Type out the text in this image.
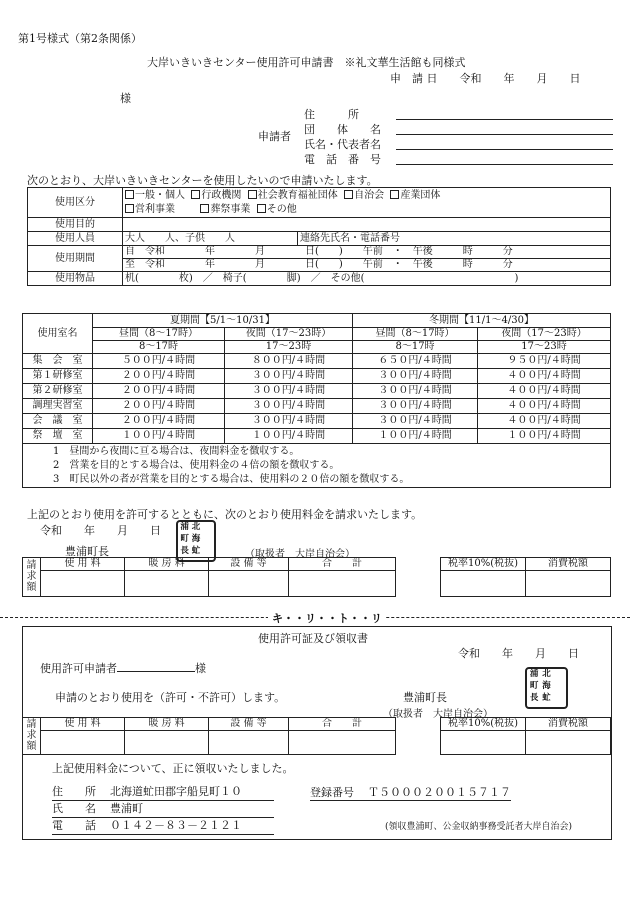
第1号様式（第2条関係）
大岸いきいきセンター使用許可申請書　※礼文華生活館も同様式
申　請 日　　令和　　年　　月　　日
様
申請者
住　　　所
団　　体　　名
氏名・代表者名
電　話　番　号
次のとおり、大岸いきいきセンターを使用したいので申請いたします。
使用区分	一般・個人 行政機関 社会教育福祉団体 自治会 産業団体
営利事業 葬祭事業 その他	

使用目的		
使用人員	大人　　人、子供　　人	連絡先氏名・電話番号
使用期間	自　令和　　　　年　　　　月　　　　日(　　)　　午前　・　午後　　　時　　　分	
	至　令和　　　　年　　　　月　　　　日(　　)　　午前　・　午後　　　時　　　分	
使用物品	机(　　　　枚)　／　椅子(　　　　脚)　／　その他(　　　　　　　　　　　　　　　)	
使用室名	夏期間【5/1～10/31】		冬期間【11/1～4/30】	
	昼間（8～17時）	夜間（17～23時）	昼間（8～17時）	夜間（17～23時）
	8～17時	17～23時	8～17時	17～23時
集　会　室	５００円/４時間	８００円/４時間	６５０円/４時間	９５０円/４時間
第１研修室	２００円/４時間	３００円/４時間	３００円/４時間	４００円/４時間
第２研修室	２００円/４時間	３００円/４時間	３００円/４時間	４００円/４時間
調理実習室	２００円/４時間	３００円/４時間	３００円/４時間	４００円/４時間
会　議　室	２００円/４時間	３００円/４時間	３００円/４時間	４００円/４時間
祭　壇　室	１００円/４時間	１００円/４時間	１００円/４時間	１００円/４時間

1　昼間から夜間に亘る場合は、夜間料金を徴収する。
2　営業を目的とする場合は、使用料金の４倍の額を徴収する。
3　町民以外の者が営業を目的とする場合は、使用料の２０倍の額を徴収する。				
上記のとおり使用を許可するとともに、次のとおり使用料金を請求いたします。
令和　　年　　月　　日
豊浦町長
浦 北
町 海
長 虻	（取扱者　大岸自治会）
請
求
額	使 用 料	暖 房 料	設 備 等	合　　計
				税率10%(税抜)	消費税額

キ・・リ・・ト・・リ
使用許可証及び領収書
令和　　年　　月　　日
使用許可申請者	様	浦 北
町 海
長 虻
申請のとおり使用を（許可・不許可）します。	豊浦町長
（取扱者　大岸自治会）
請
求
額	使 用 料	暖 房 料	設 備 等	合　　計
				税率10%(税抜)	消費税額

上記使用料金について、正に領収いたしました。
住　　所 北海道虻田郡字船見町１０
氏　　名 豊浦町
電　　話 ０１４２－８３－２１２１
登録番号 Ｔ５０００２００１５７１７
(領収豊浦町、公金収納事務受託者大岸自治会)
